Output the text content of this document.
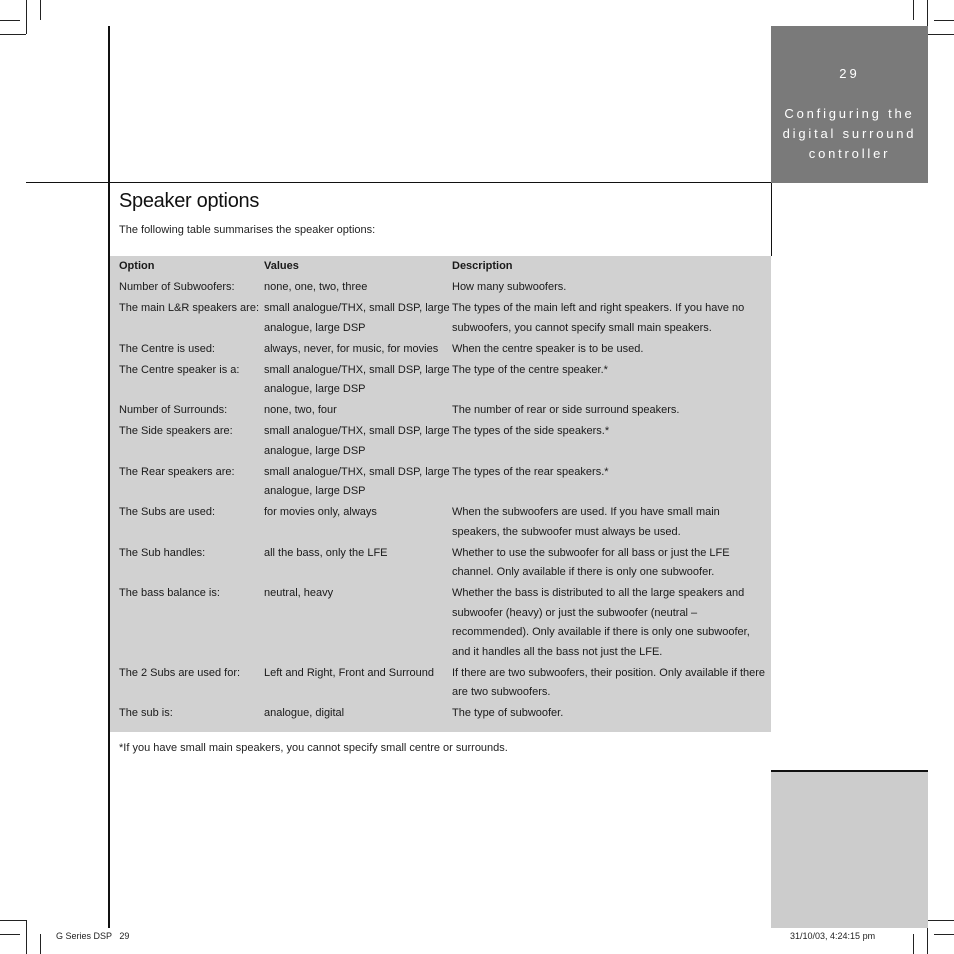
29
Configuring the
digital surround
controller
Speaker options
The following table summarises the speaker options:
Option	Values	Description
Number of Subwoofers:	none, one, two, three	How many subwoofers.
The main L&R speakers are:	small analogue/THX, small DSP, large analogue, large DSP	The types of the main left and right speakers. If you have no subwoofers, you cannot specify small main speakers.
The Centre is used:	always, never, for music, for movies	When the centre speaker is to be used.
The Centre speaker is a:	small analogue/THX, small DSP, large analogue, large DSP	The type of the centre speaker.*
Number of Surrounds:	none, two, four	The number of rear or side surround speakers.
The Side speakers are:	small analogue/THX, small DSP, large analogue, large DSP	The types of the side speakers.*
The Rear speakers are:	small analogue/THX, small DSP, large analogue, large DSP	The types of the rear speakers.*
The Subs are used:	for movies only, always	When the subwoofers are used. If you have small main speakers, the subwoofer must always be used.
The Sub handles:	all the bass, only the LFE	Whether to use the subwoofer for all bass or just the LFE channel. Only available if there is only one subwoofer.
The bass balance is:	neutral, heavy	Whether the bass is distributed to all the large speakers and subwoofer (heavy) or just the subwoofer (neutral – recommended). Only available if there is only one subwoofer, and it handles all the bass not just the LFE.
The 2 Subs are used for:	Left and Right, Front and Surround	If there are two subwoofers, their position. Only available if there are two subwoofers.
The sub is:	analogue, digital	The type of subwoofer.
*If you have small main speakers, you cannot specify small centre or surrounds.
G Series DSP   29	31/10/03, 4:24:15 pm
